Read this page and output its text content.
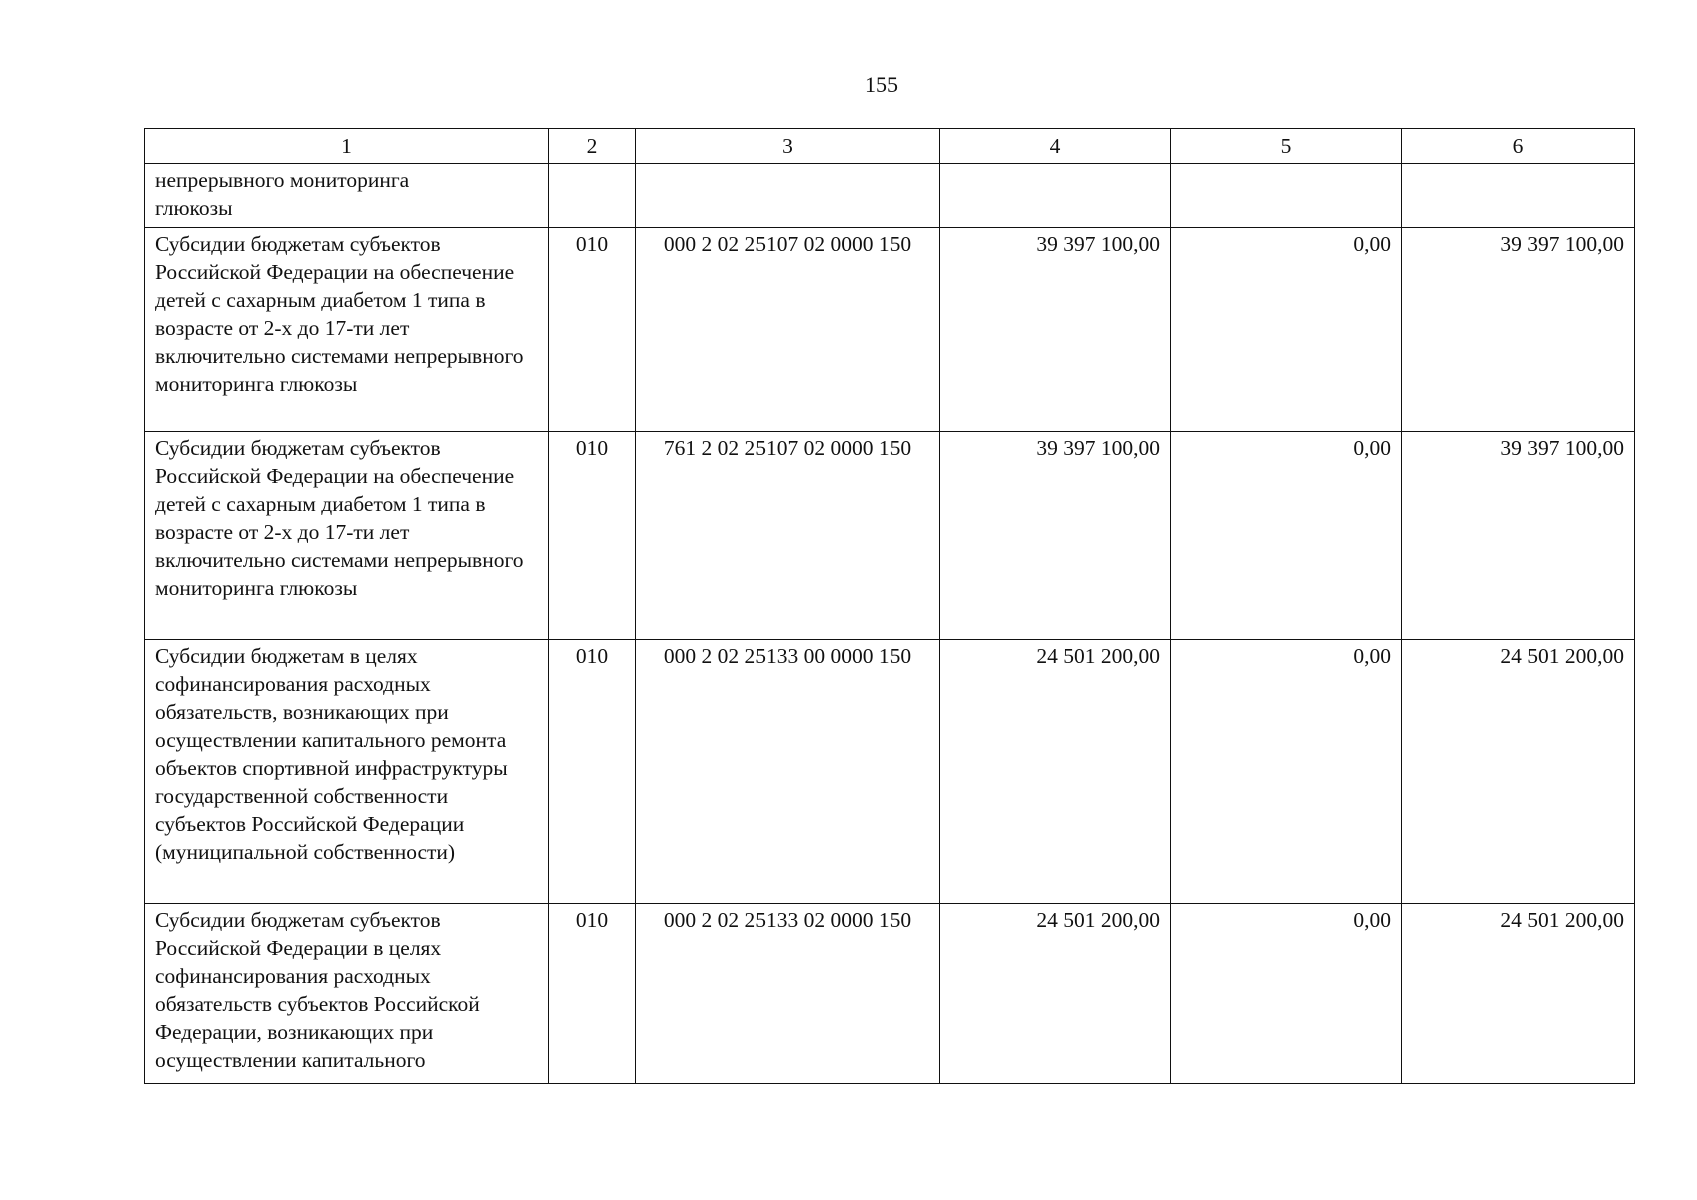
155
1	2	3	4	5	6
непрерывного мониторинга глюкозы					
Субсидии бюджетам субъектов Российской Федерации на обеспечение детей с сахарным диабетом 1 типа в возрасте от 2-х до 17-ти лет включительно системами непрерывного мониторинга глюкозы	010	000 2 02 25107 02 0000 150	39 397 100,00	0,00	39 397 100,00
Субсидии бюджетам субъектов Российской Федерации на обеспечение детей с сахарным диабетом 1 типа в возрасте от 2-х до 17-ти лет включительно системами непрерывного мониторинга глюкозы	010	761 2 02 25107 02 0000 150	39 397 100,00	0,00	39 397 100,00
Субсидии бюджетам в целях софинансирования расходных обязательств, возникающих при осуществлении капитального ремонта объектов спортивной инфраструктуры государственной собственности субъектов Российской Федерации (муниципальной собственности)	010	000 2 02 25133 00 0000 150	24 501 200,00	0,00	24 501 200,00
Субсидии бюджетам субъектов Российской Федерации в целях софинансирования расходных обязательств субъектов Российской Федерации, возникающих при осуществлении капитального	010	000 2 02 25133 02 0000 150	24 501 200,00	0,00	24 501 200,00
